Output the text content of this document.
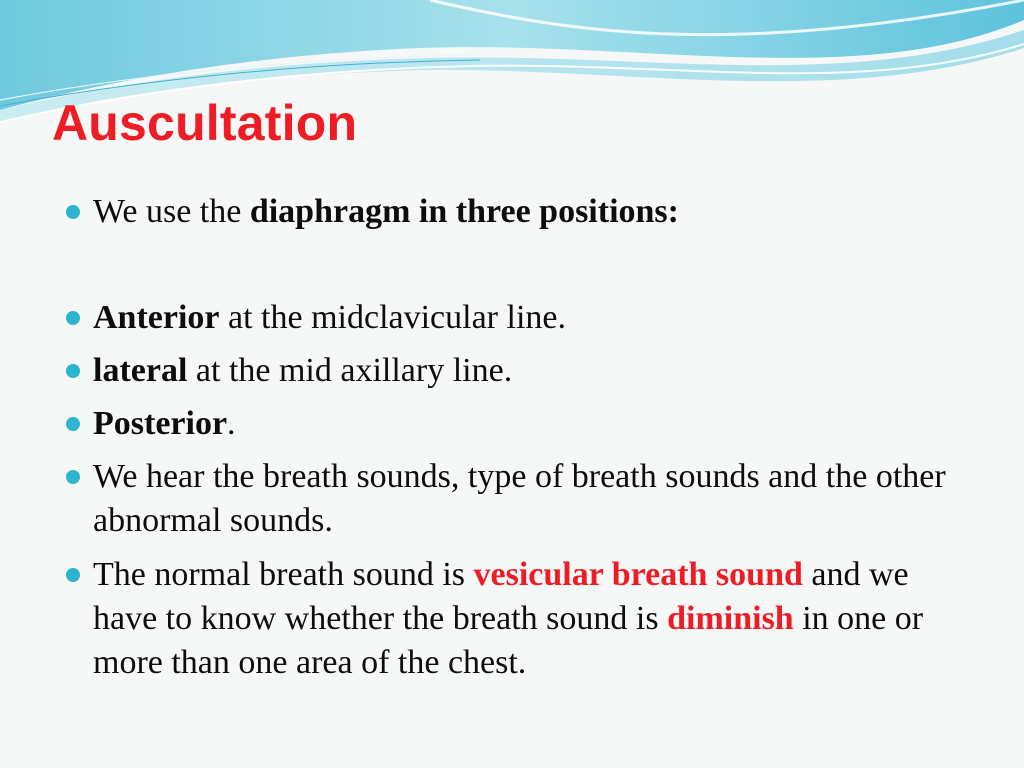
Auscultation
We use the diaphragm in three positions:
Anterior at the midclavicular line.
lateral at the mid axillary line.
Posterior.
We hear the breath sounds, type of breath sounds and the other abnormal sounds.
The normal breath sound is vesicular breath sound and we have to know whether the breath sound is diminish in one or more than one area of the chest.
